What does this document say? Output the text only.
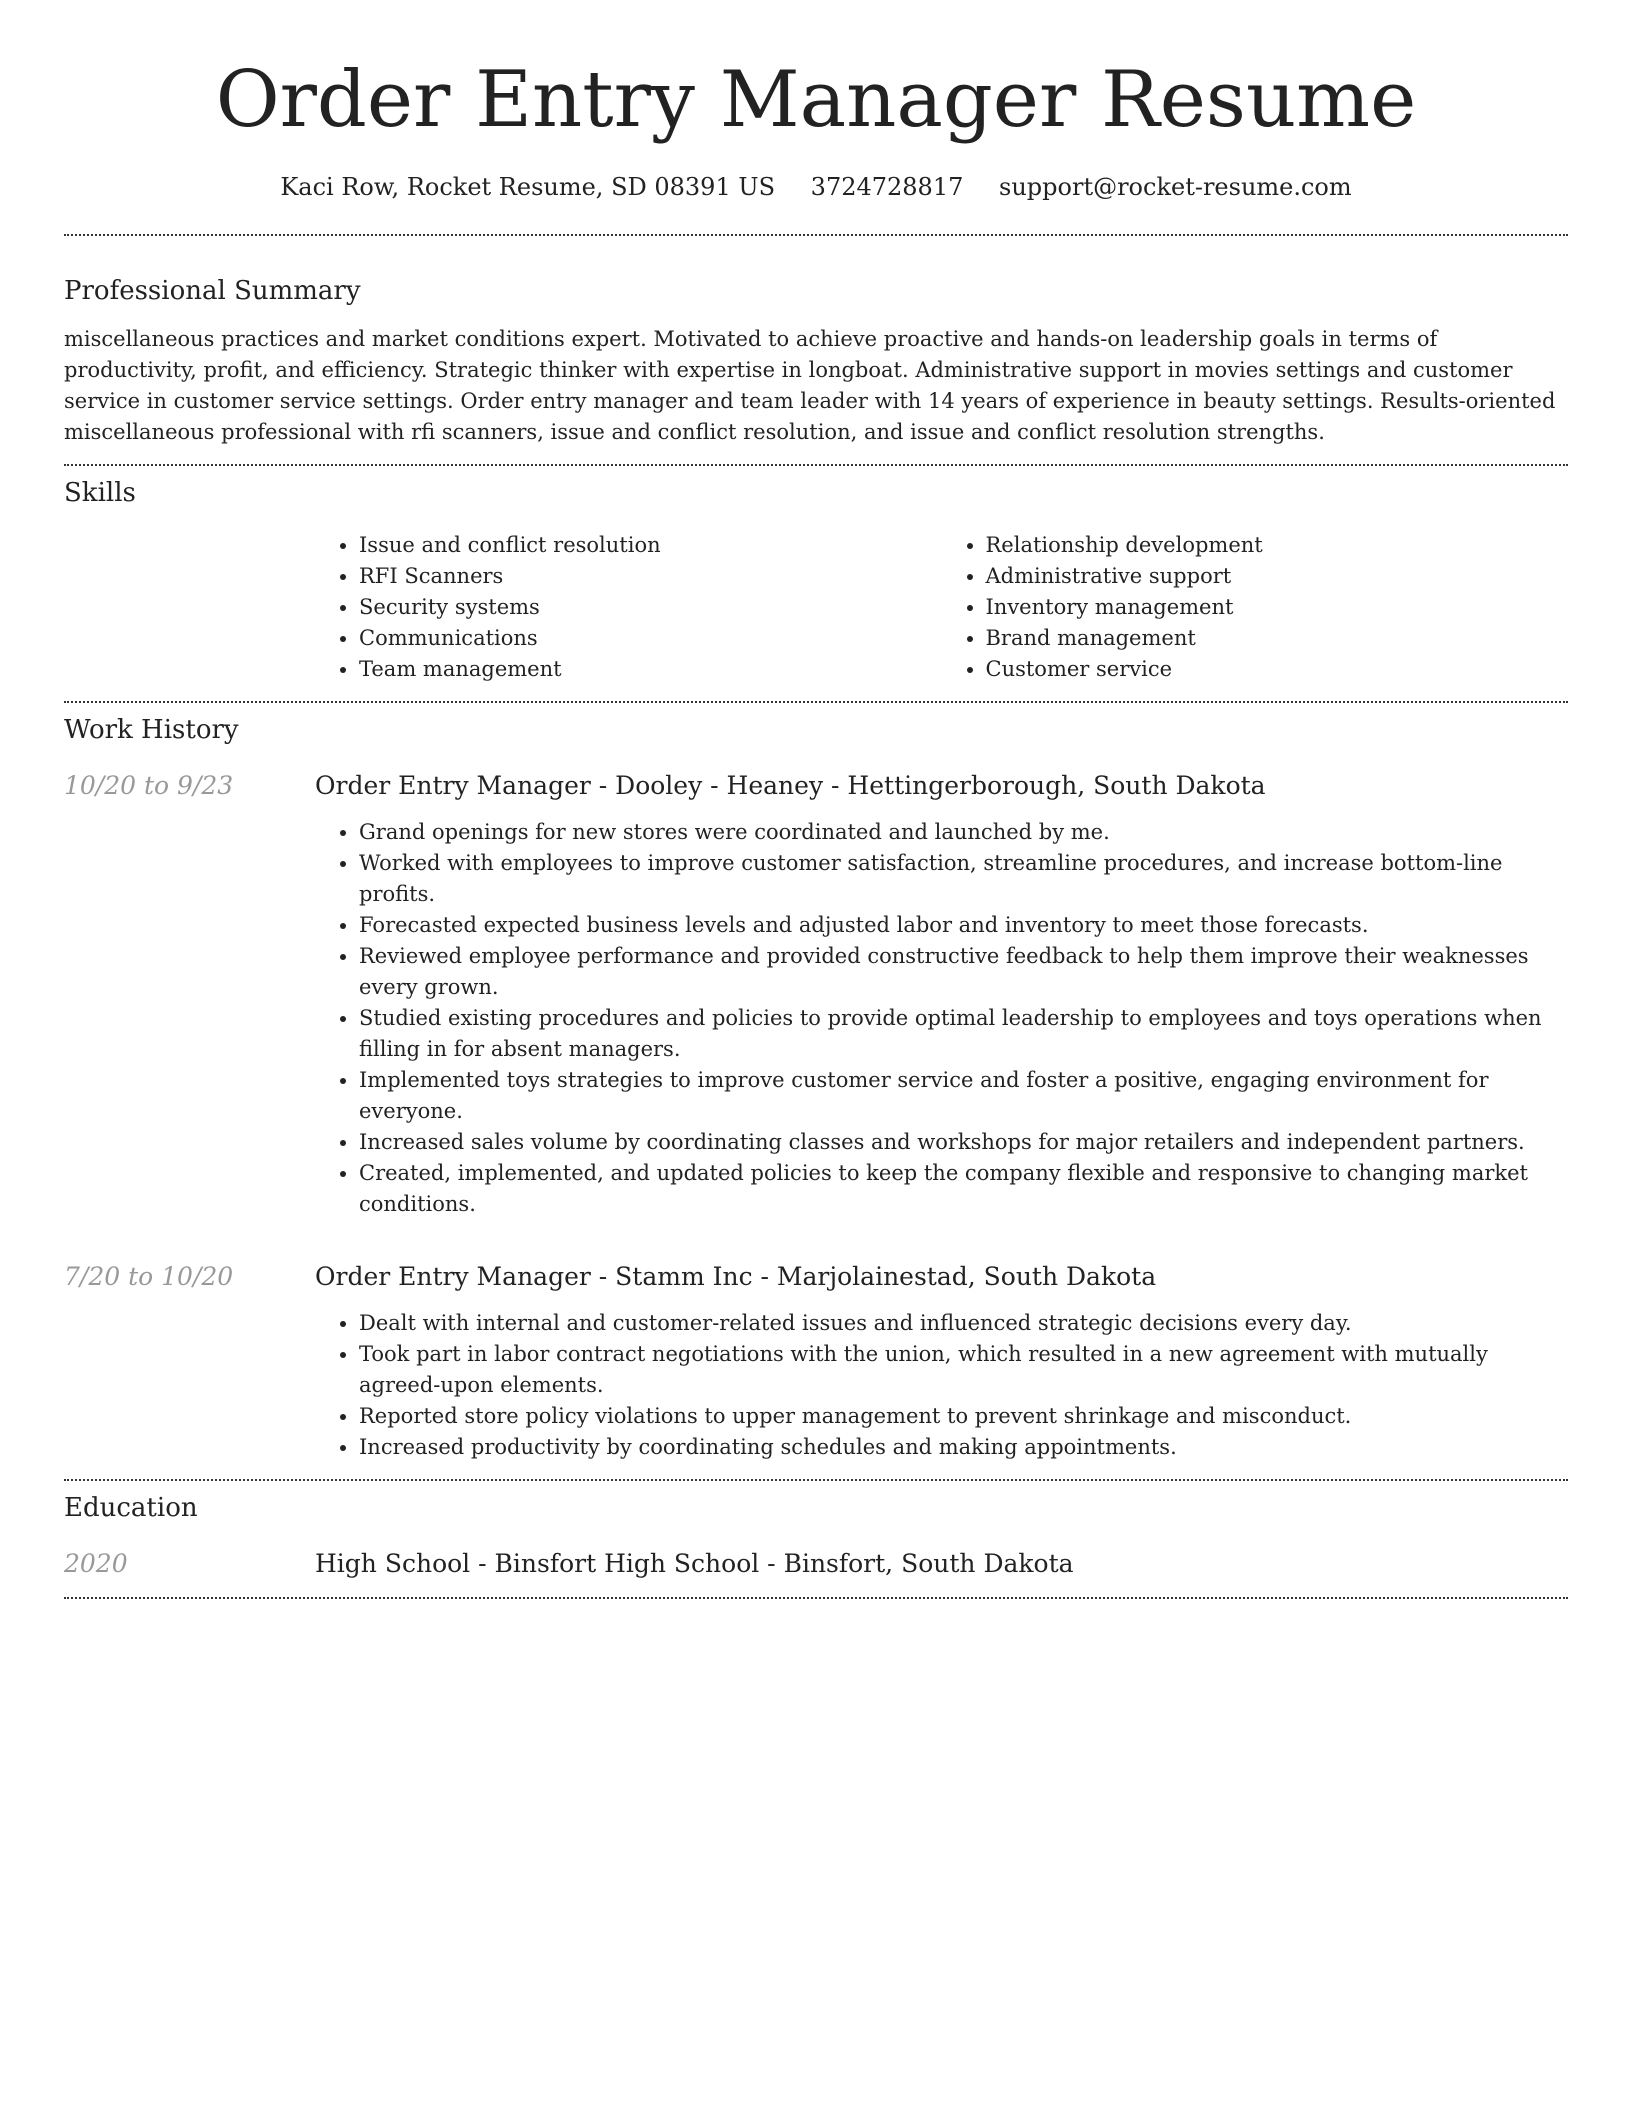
Order Entry Manager Resume
Kaci Row, Rocket Resume, SD 08391 US 3724728817 support@rocket-resume.com
Professional Summary

miscellaneous practices and market conditions expert. Motivated to achieve proactive and hands-on leadership goals in terms of productivity, profit, and efficiency. Strategic thinker with expertise in longboat. Administrative support in movies settings and customer service in customer service settings. Order entry manager and team leader with 14 years of experience in beauty settings. Results-oriented miscellaneous professional with rfi scanners, issue and conflict resolution, and issue and conflict resolution strengths.

Skills
• Issue and conflict resolution
• RFI Scanners
• Security systems
• Communications
• Team management
• Relationship development
• Administrative support
• Inventory management
• Brand management
• Customer service
Work History
10/20 to 9/23	Order Entry Manager - Dooley - Heaney - Hettingerborough, South Dakota
• Grand openings for new stores were coordinated and launched by me.
• Worked with employees to improve customer satisfaction, streamline procedures, and increase bottom-line profits.
• Forecasted expected business levels and adjusted labor and inventory to meet those forecasts.
• Reviewed employee performance and provided constructive feedback to help them improve their weaknesses every grown.
• Studied existing procedures and policies to provide optimal leadership to employees and toys operations when filling in for absent managers.
• Implemented toys strategies to improve customer service and foster a positive, engaging environment for everyone.
• Increased sales volume by coordinating classes and workshops for major retailers and independent partners.
• Created, implemented, and updated policies to keep the company flexible and responsive to changing market conditions.
7/20 to 10/20	Order Entry Manager - Stamm Inc - Marjolainestad, South Dakota
• Dealt with internal and customer-related issues and influenced strategic decisions every day.
• Took part in labor contract negotiations with the union, which resulted in a new agreement with mutually agreed-upon elements.
• Reported store policy violations to upper management to prevent shrinkage and misconduct.
• Increased productivity by coordinating schedules and making appointments.
Education
2020	High School - Binsfort High School - Binsfort, South Dakota
